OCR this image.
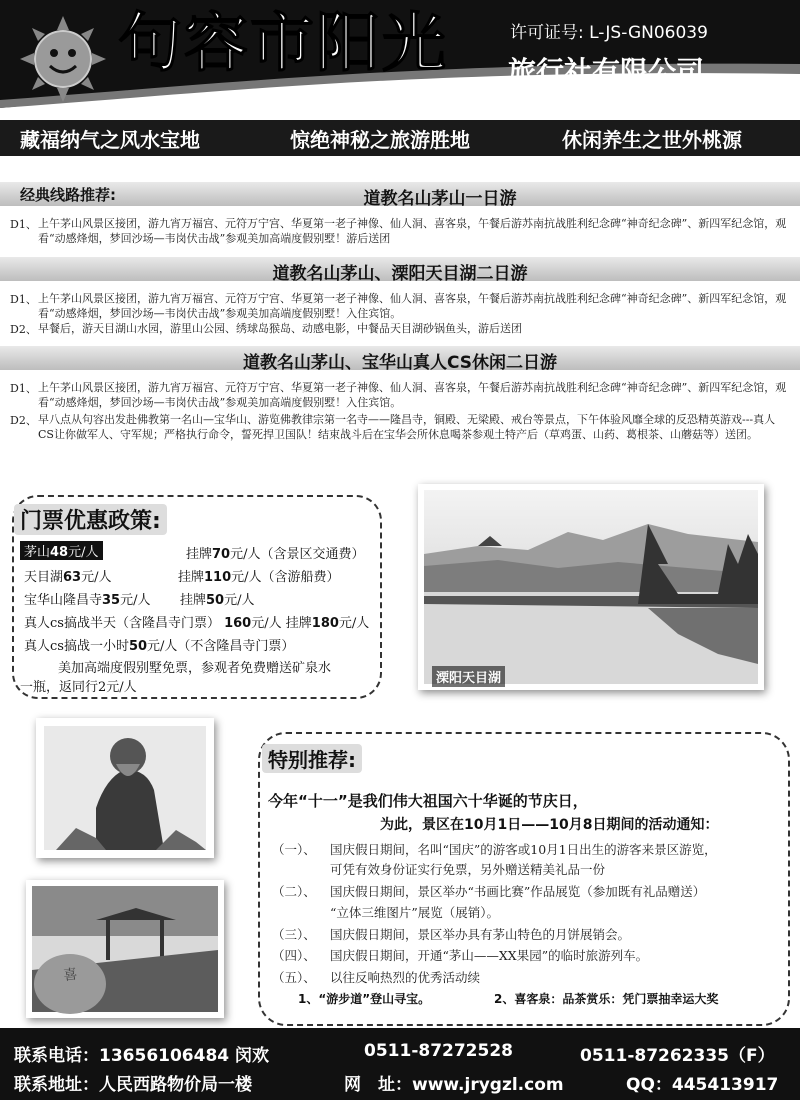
句容市阳光	许可证号: L-JS-GN06039
旅行社有限公司
藏福纳气之风水宝地	惊绝神秘之旅游胜地	休闲养生之世外桃源
经典线路推荐:	道教名山茅山一日游
D1、 上午茅山风景区接团，游九宵万福宫、元符万宁宫、华夏第一老子神像、仙人洞、喜客泉，午餐后游苏南抗战胜利纪念碑“神奇纪念碑”、新四军纪念馆，观看“动感烽烟，梦回沙场—韦岗伏击战”参观美加高端度假别墅！游后送团
道教名山茅山、溧阳天目湖二日游
D1、 上午茅山风景区接团，游九宵万福宫、元符万宁宫、华夏第一老子神像、仙人洞、喜客泉，午餐后游苏南抗战胜利纪念碑“神奇纪念碑”、新四军纪念馆，观看“动感烽烟，梦回沙场—韦岗伏击战”参观美加高端度假别墅！入住宾馆。
D2、 早餐后，游天目湖山水园，游里山公园、绣球岛猴岛、动感电影，中餐品天目湖砂锅鱼头，游后送团
道教名山茅山、宝华山真人CS休闲二日游
D1、 上午茅山风景区接团，游九宵万福宫、元符万宁宫、华夏第一老子神像、仙人洞、喜客泉，午餐后游苏南抗战胜利纪念碑“神奇纪念碑”、新四军纪念馆，观看“动感烽烟，梦回沙场—韦岗伏击战”参观美加高端度假别墅！入住宾馆。
D2、 早八点从句容出发赴佛教第一名山—宝华山、游览佛教律宗第一名寺——隆昌寺，铜殿、无梁殿、戒台等景点，下午体验风靡全球的反恐精英游戏---真人CS让你做军人、守军规；严格执行命令，誓死捍卫国队！结束战斗后在宝华会所休息喝茶参观土特产后（草鸡蛋、山药、葛根茶、山蘑菇等）送团。
门票优惠政策:
茅山48元/人	挂牌70元/人（含景区交通费）
天目湖63元/人	挂牌110元/人（含游船费）
宝华山隆昌寺35元/人 挂牌50元/人
真人cs搞战半天（含隆昌寺门票） 160元/人 挂牌180元/人
真人cs搞战一小时50元/人（不含隆昌寺门票）
美加高端度假别墅免票，参观者免费赠送矿泉水
一瓶，返同行2元/人
溧阳天目湖
喜
特别推荐:
今年“十一”是我们伟大祖国六十华诞的节庆日，
为此，景区在10月1日——10月8日期间的活动通知：
（一）、 国庆假日期间，名叫“国庆”的游客或10月1日出生的游客来景区游览，
可凭有效身份证实行免票，另外赠送精美礼品一份
（二）、 国庆假日期间，景区举办“书画比赛”作品展览（参加既有礼品赠送）
“立体三维图片”展览（展销）。
（三）、 国庆假日期间，景区举办具有茅山特色的月饼展销会。
（四）、 国庆假日期间，开通“茅山——XX果园”的临时旅游列车。
（五）、 以往反响热烈的优秀活动续
1、“游步道”登山寻宝。	2、喜客泉：品茶赏乐：凭门票抽幸运大奖
联系电话：13656106484 闵欢	0511-87272528	0511-87262335（F）
联系地址：人民西路物价局一楼	网　址：www.jrygzl.com	QQ：445413917
